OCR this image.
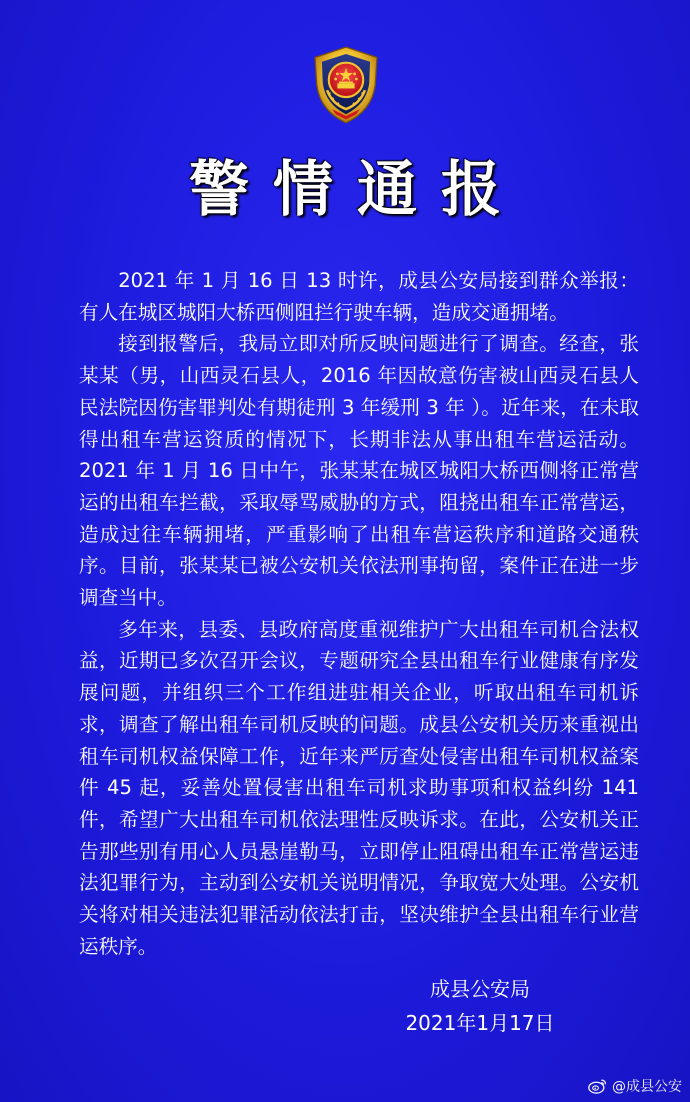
警情通报

2021 年 1 月 16 日 13 时许，成县公安局接到群众举报：有人在城区城阳大桥西侧阻拦行驶车辆，造成交通拥堵。

接到报警后，我局立即对所反映问题进行了调查。经查，张某某（男，山西灵石县人，2016 年因故意伤害被山西灵石县人民法院因伤害罪判处有期徒刑 3 年缓刑 3 年 ）。近年来，在未取得出租车营运资质的情况下，长期非法从事出租车营运活动。2021 年 1 月 16 日中午，张某某在城区城阳大桥西侧将正常营运的出租车拦截，采取辱骂威胁的方式，阻挠出租车正常营运，造成过往车辆拥堵，严重影响了出租车营运秩序和道路交通秩序。目前，张某某已被公安机关依法刑事拘留，案件正在进一步调查当中。

多年来，县委、县政府高度重视维护广大出租车司机合法权益，近期已多次召开会议，专题研究全县出租车行业健康有序发展问题，并组织三个工作组进驻相关企业，听取出租车司机诉求，调查了解出租车司机反映的问题。成县公安机关历来重视出租车司机权益保障工作，近年来严厉查处侵害出租车司机权益案件 45 起，妥善处置侵害出租车司机求助事项和权益纠纷 141 件，希望广大出租车司机依法理性反映诉求。在此，公安机关正告那些别有用心人员悬崖勒马，立即停止阻碍出租车正常营运违法犯罪行为，主动到公安机关说明情况，争取宽大处理。公安机关将对相关违法犯罪活动依法打击，坚决维护全县出租车行业营运秩序。

成县公安局
2021年1月17日
@成县公安
